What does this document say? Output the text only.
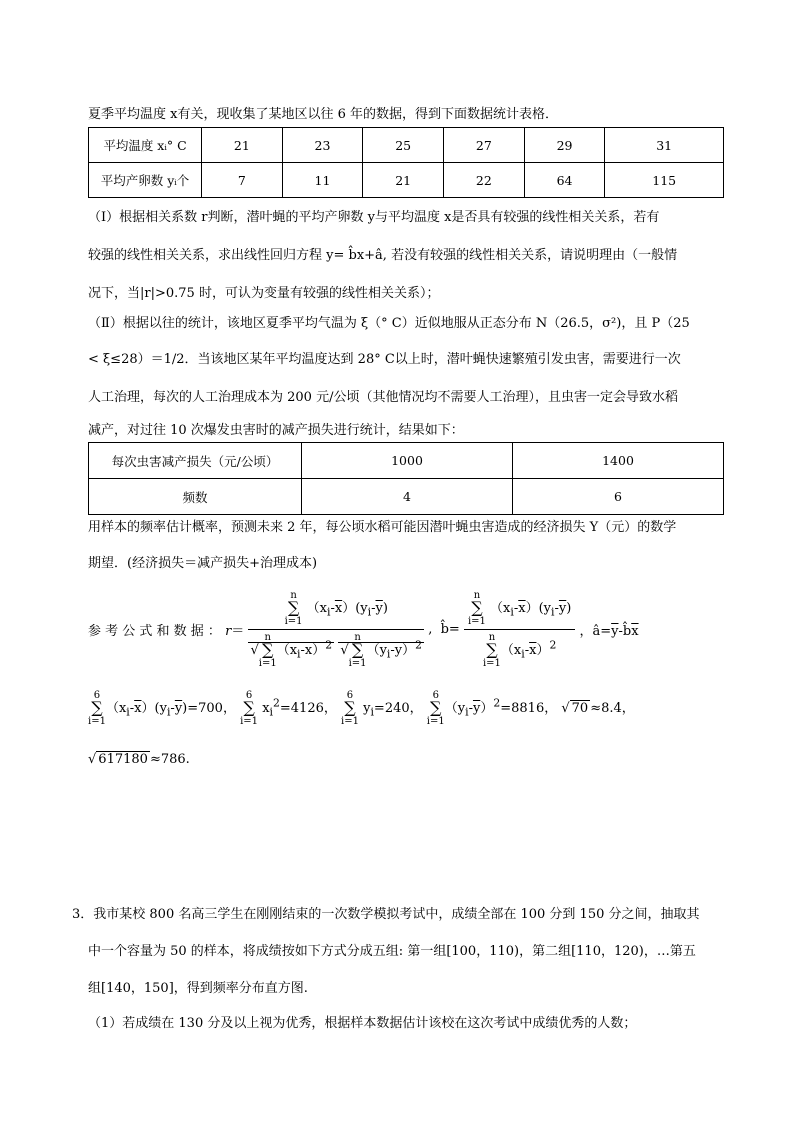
夏季平均温度 x有关，现收集了某地区以往 6 年的数据，得到下面数据统计表格．
平均温度 xᵢ° C	21	23	25	27	29	31
平均产卵数 yᵢ个	7	11	21	22	64	115
（Ⅰ）根据相关系数 r判断，潜叶蝇的平均产卵数 y与平均温度 x是否具有较强的线性相关关系，若有
较强的线性相关关系，求出线性回归方程 y= b̂x+â, 若没有较强的线性相关关系，请说明理由（一般情
况下，当|r|>0.75 时，可认为变量有较强的线性相关关系）；
（Ⅱ）根据以往的统计，该地区夏季平均气温为 ξ（° C）近似地服从正态分布 N（26.5，σ²)，且 P（25
< ξ≤28）＝1/2．当该地区某年平均温度达到 28° C以上时，潜叶蝇快速繁殖引发虫害，需要进行一次
人工治理，每次的人工治理成本为 200 元/公顷（其他情况均不需要人工治理），且虫害一定会导致水稻
减产，对过往 10 次爆发虫害时的减产损失进行统计，结果如下：
每次虫害减产损失（元/公顷）	1000	1400
频数	4	6
用样本的频率估计概率，预测未来 2 年，每公顷水稻可能因潜叶蝇虫害造成的经济损失 Y（元）的数学
期望．(经济损失＝减产损失+治理成本)
参 考 公 式 和 数 据 ： r＝
n
∑
i=1 $(x_i-\overline{x})(y_i-\overline{y})$
√n
∑
$i=1(x_i-\overline{x})^2$ √n
∑
$i=1(y_i-\overline{y})^2$
,  b̂=
n
∑
i=1 $(x_i-\overline{x})(y_i-\overline{y})$
n
∑
$i=1(x_i-\overline{x})^2$
，$â=\overline{y}-b̂\overline{x}$
6
∑
$i=1(x_i-\overline{x})(y_i-\overline{y})=700$， 6
∑
i=1 $x_i^2=4126$， 6
∑
i=1 $y_i=240$， 6
∑
$i=1(y_i-\overline{y})^2=8816$， √ 70 ≈8.4，
√ 617180 ≈786.
3．我市某校 800 名高三学生在刚刚结束的一次数学模拟考试中，成绩全部在 100 分到 150 分之间，抽取其
中一个容量为 50 的样本，将成绩按如下方式分成五组: 第一组[100，110)，第二组[110，120)，…第五
组[140，150]，得到频率分布直方图.
（1）若成绩在 130 分及以上视为优秀，根据样本数据估计该校在这次考试中成绩优秀的人数；
